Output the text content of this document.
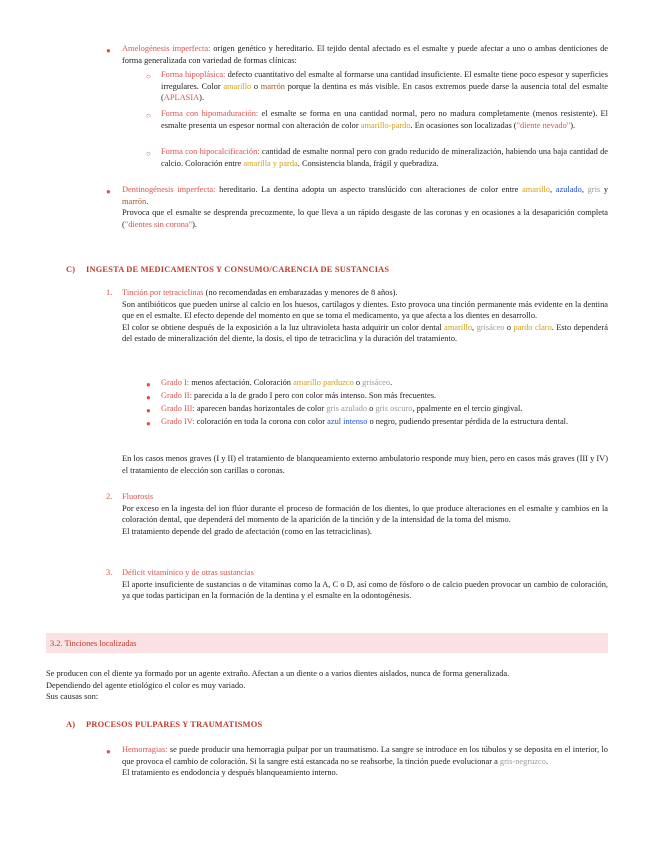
● Amelogénesis imperfecta: origen genético y hereditario. El tejido dental afectado es el esmalte y puede afectar a uno o ambas denticiones de forma generalizada con variedad de formas clínicas:
○ Forma hipoplásica: defecto cuantitativo del esmalte al formarse una cantidad insuficiente. El esmalte tiene poco espesor y superficies irregulares. Color amarillo o marrón porque la dentina es más visible. En casos extremos puede darse la ausencia total del esmalte (APLASIA).
○ Forma con hipomaduración: el esmalte se forma en una cantidad normal, pero no madura completamente (menos resistente). El esmalte presenta un espesor normal con alteración de color amarillo-pardo. En ocasiones son localizadas ("diente nevado").
○ Forma con hipocalcificación: cantidad de esmalte normal pero con grado reducido de mineralización, habiendo una baja cantidad de calcio. Coloración entre amarilla y parda. Consistencia blanda, frágil y quebradiza.
● Dentinogénesis imperfecta: hereditario. La dentina adopta un aspecto translúcido con alteraciones de color entre amarillo, azulado, gris y marrón.

Provoca que el esmalte se desprenda precozmente, lo que lleva a un rápido desgaste de las coronas y en ocasiones a la desaparición completa ("dientes sin corona").

C) INGESTA DE MEDICAMENTOS Y CONSUMO/CARENCIA DE SUSTANCIAS
1. Tinción por tetraciclinas (no recomendadas en embarazadas y menores de 8 años).

Son antibióticos que pueden unirse al calcio en los huesos, cartílagos y dientes. Esto provoca una tinción permanente más evidente en la dentina que en el esmalte. El efecto depende del momento en que se toma el medicamento, ya que afecta a los dientes en desarrollo.

El color se obtiene después de la exposición a la luz ultravioleta hasta adquirir un color dental amarillo, grisáceo o pardo claro. Esto dependerá del estado de mineralización del diente, la dosis, el tipo de tetraciclina y la duración del tratamiento.

● Grado I: menos afectación. Coloración amarillo parduzco o grisáceo.
● Grado II: parecida a la de grado I pero con color más intenso. Son más frecuentes.
● Grado III: aparecen bandas horizontales de color gris azulado o gris oscuro, ppalmente en el tercio gingival.
● Grado IV: coloración en toda la corona con color azul intenso o negro, pudiendo presentar pérdida de la estructura dental.
En los casos menos graves (I y II) el tratamiento de blanqueamiento externo ambulatorio responde muy bien, pero en casos más graves (III y IV) el tratamiento de elección son carillas o coronas.
2. Fluorosis

Por exceso en la ingesta del ion flúor durante el proceso de formación de los dientes, lo que produce alteraciones en el esmalte y cambios en la coloración dental, que dependerá del momento de la aparición de la tinción y de la intensidad de la toma del mismo.

El tratamiento depende del grado de afectación (como en las tetraciclinas).

3. Déficit vitamínico y de otras sustancias

El aporte insuficiente de sustancias o de vitaminas como la A, C o D, así como de fósforo o de calcio pueden provocar un cambio de coloración, ya que todas participan en la formación de la dentina y el esmalte en la odontogénesis.

3.2. Tinciones localizadas

Se producen con el diente ya formado por un agente extraño. Afectan a un diente o a varios dientes aislados, nunca de forma generalizada.

Dependiendo del agente etiológico el color es muy variado.

Sus causas son:

A) PROCESOS PULPARES Y TRAUMATISMOS
● Hemorragias: se puede producir una hemorragia pulpar por un traumatismo. La sangre se introduce en los túbulos y se deposita en el interior, lo que provoca el cambio de coloración. Si la sangre está estancada no se reabsorbe, la tinción puede evolucionar a gris-negruzco.

El tratamiento es endodoncia y después blanqueamiento interno.
